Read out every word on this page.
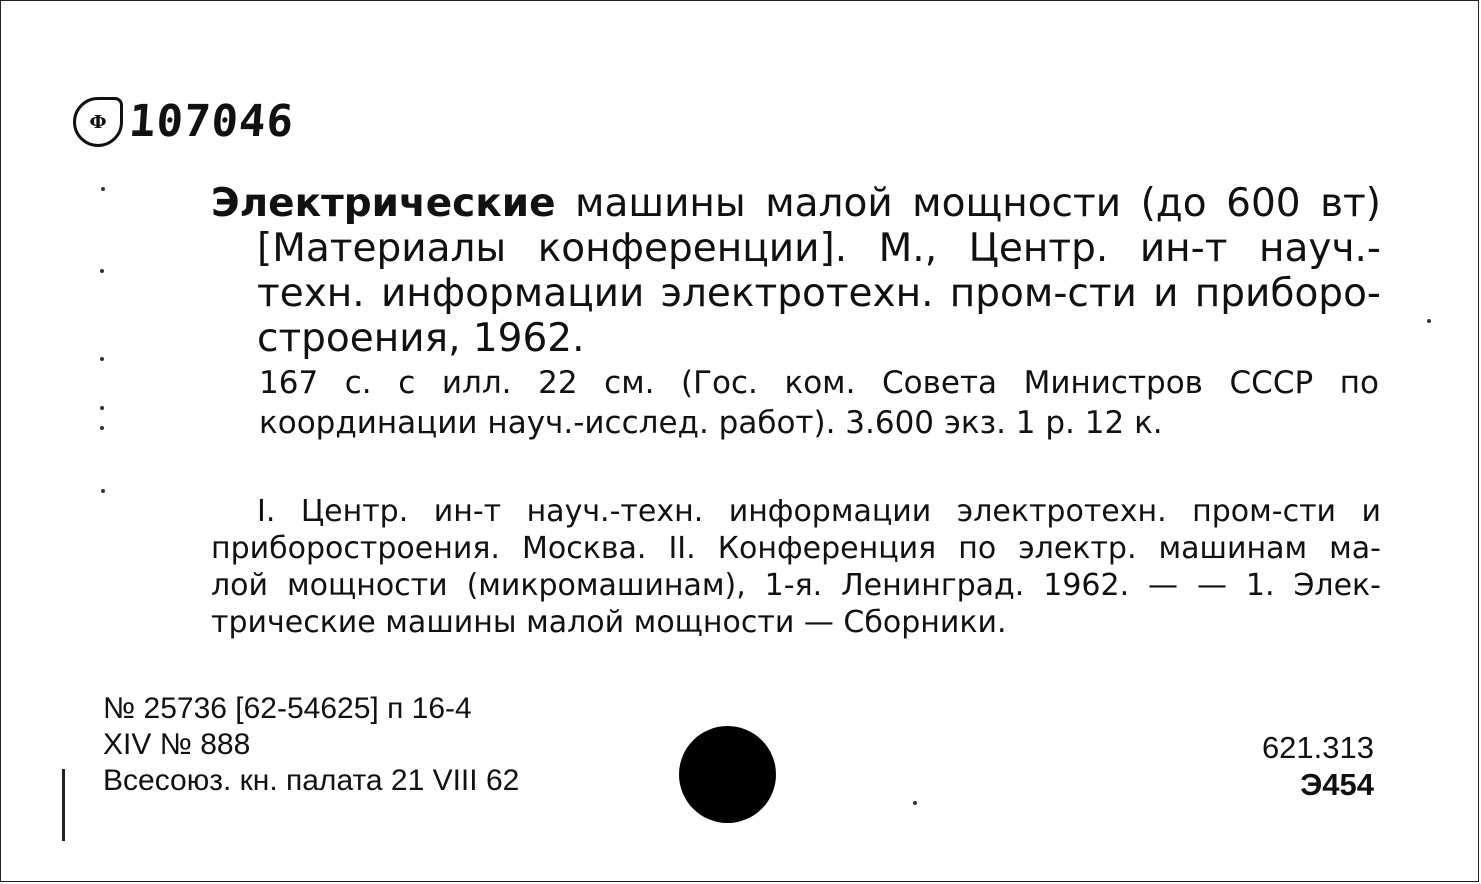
Ф 107046
Электрические машины малой мощности (до 600 вт)
[Материалы конференции]. М., Центр. ин-т науч.-
техн. информации электротехн. пром-сти и приборо-
строения, 1962.
167 с. с илл. 22 см. (Гос. ком. Совета Министров СССР по
координации науч.-исслед. работ). 3.600 экз. 1 р. 12 к.
I. Центр. ин-т науч.-техн. информации электротехн. пром-сти и
приборостроения. Москва. II. Конференция по электр. машинам ма-
лой мощности (микромашинам), 1-я. Ленинград. 1962. — — 1. Элек-
трические машины малой мощности — Сборники.
№ 25736 [62-54625] п 16-4
XIV № 888
Всесоюз. кн. палата 21 VIII 62
621.313
Э454
